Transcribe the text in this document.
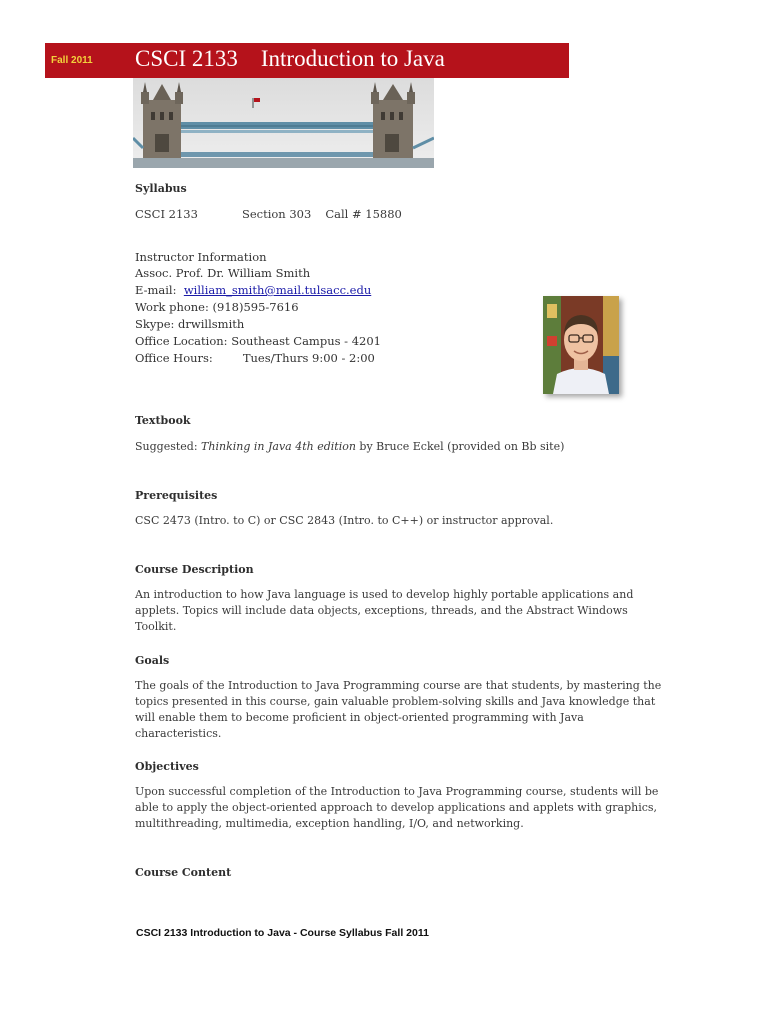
Fall 2011 CSCI 2133    Introduction to Java
Syllabus
CSCI 2133	Section 303 Call # 15880
Instructor Information
Assoc. Prof. Dr. William Smith
E-mail: william_smith@mail.tulsacc.edu
Work phone: (918)595-7616
Skype: drwillsmith
Office Location: Southeast Campus - 4201
Office Hours:	Tues/Thurs 9:00 - 2:00
Textbook
Suggested: Thinking in Java 4th edition by Bruce Eckel (provided on Bb site)
Prerequisites
CSC 2473 (Intro. to C) or CSC 2843 (Intro. to C++) or instructor approval.
Course Description
An introduction to how Java language is used to develop highly portable applications and applets. Topics will include data objects, exceptions, threads, and the Abstract Windows Toolkit.
Goals
The goals of the Introduction to Java Programming course are that students, by mastering the topics presented in this course, gain valuable problem-solving skills and Java knowledge that will enable them to become proficient in object-oriented programming with Java characteristics.
Objectives
Upon successful completion of the Introduction to Java Programming course, students will be able to apply the object-oriented approach to develop applications and applets with graphics, multithreading, multimedia, exception handling, I/O, and networking.
Course Content
CSCI 2133 Introduction to Java - Course Syllabus Fall 2011
